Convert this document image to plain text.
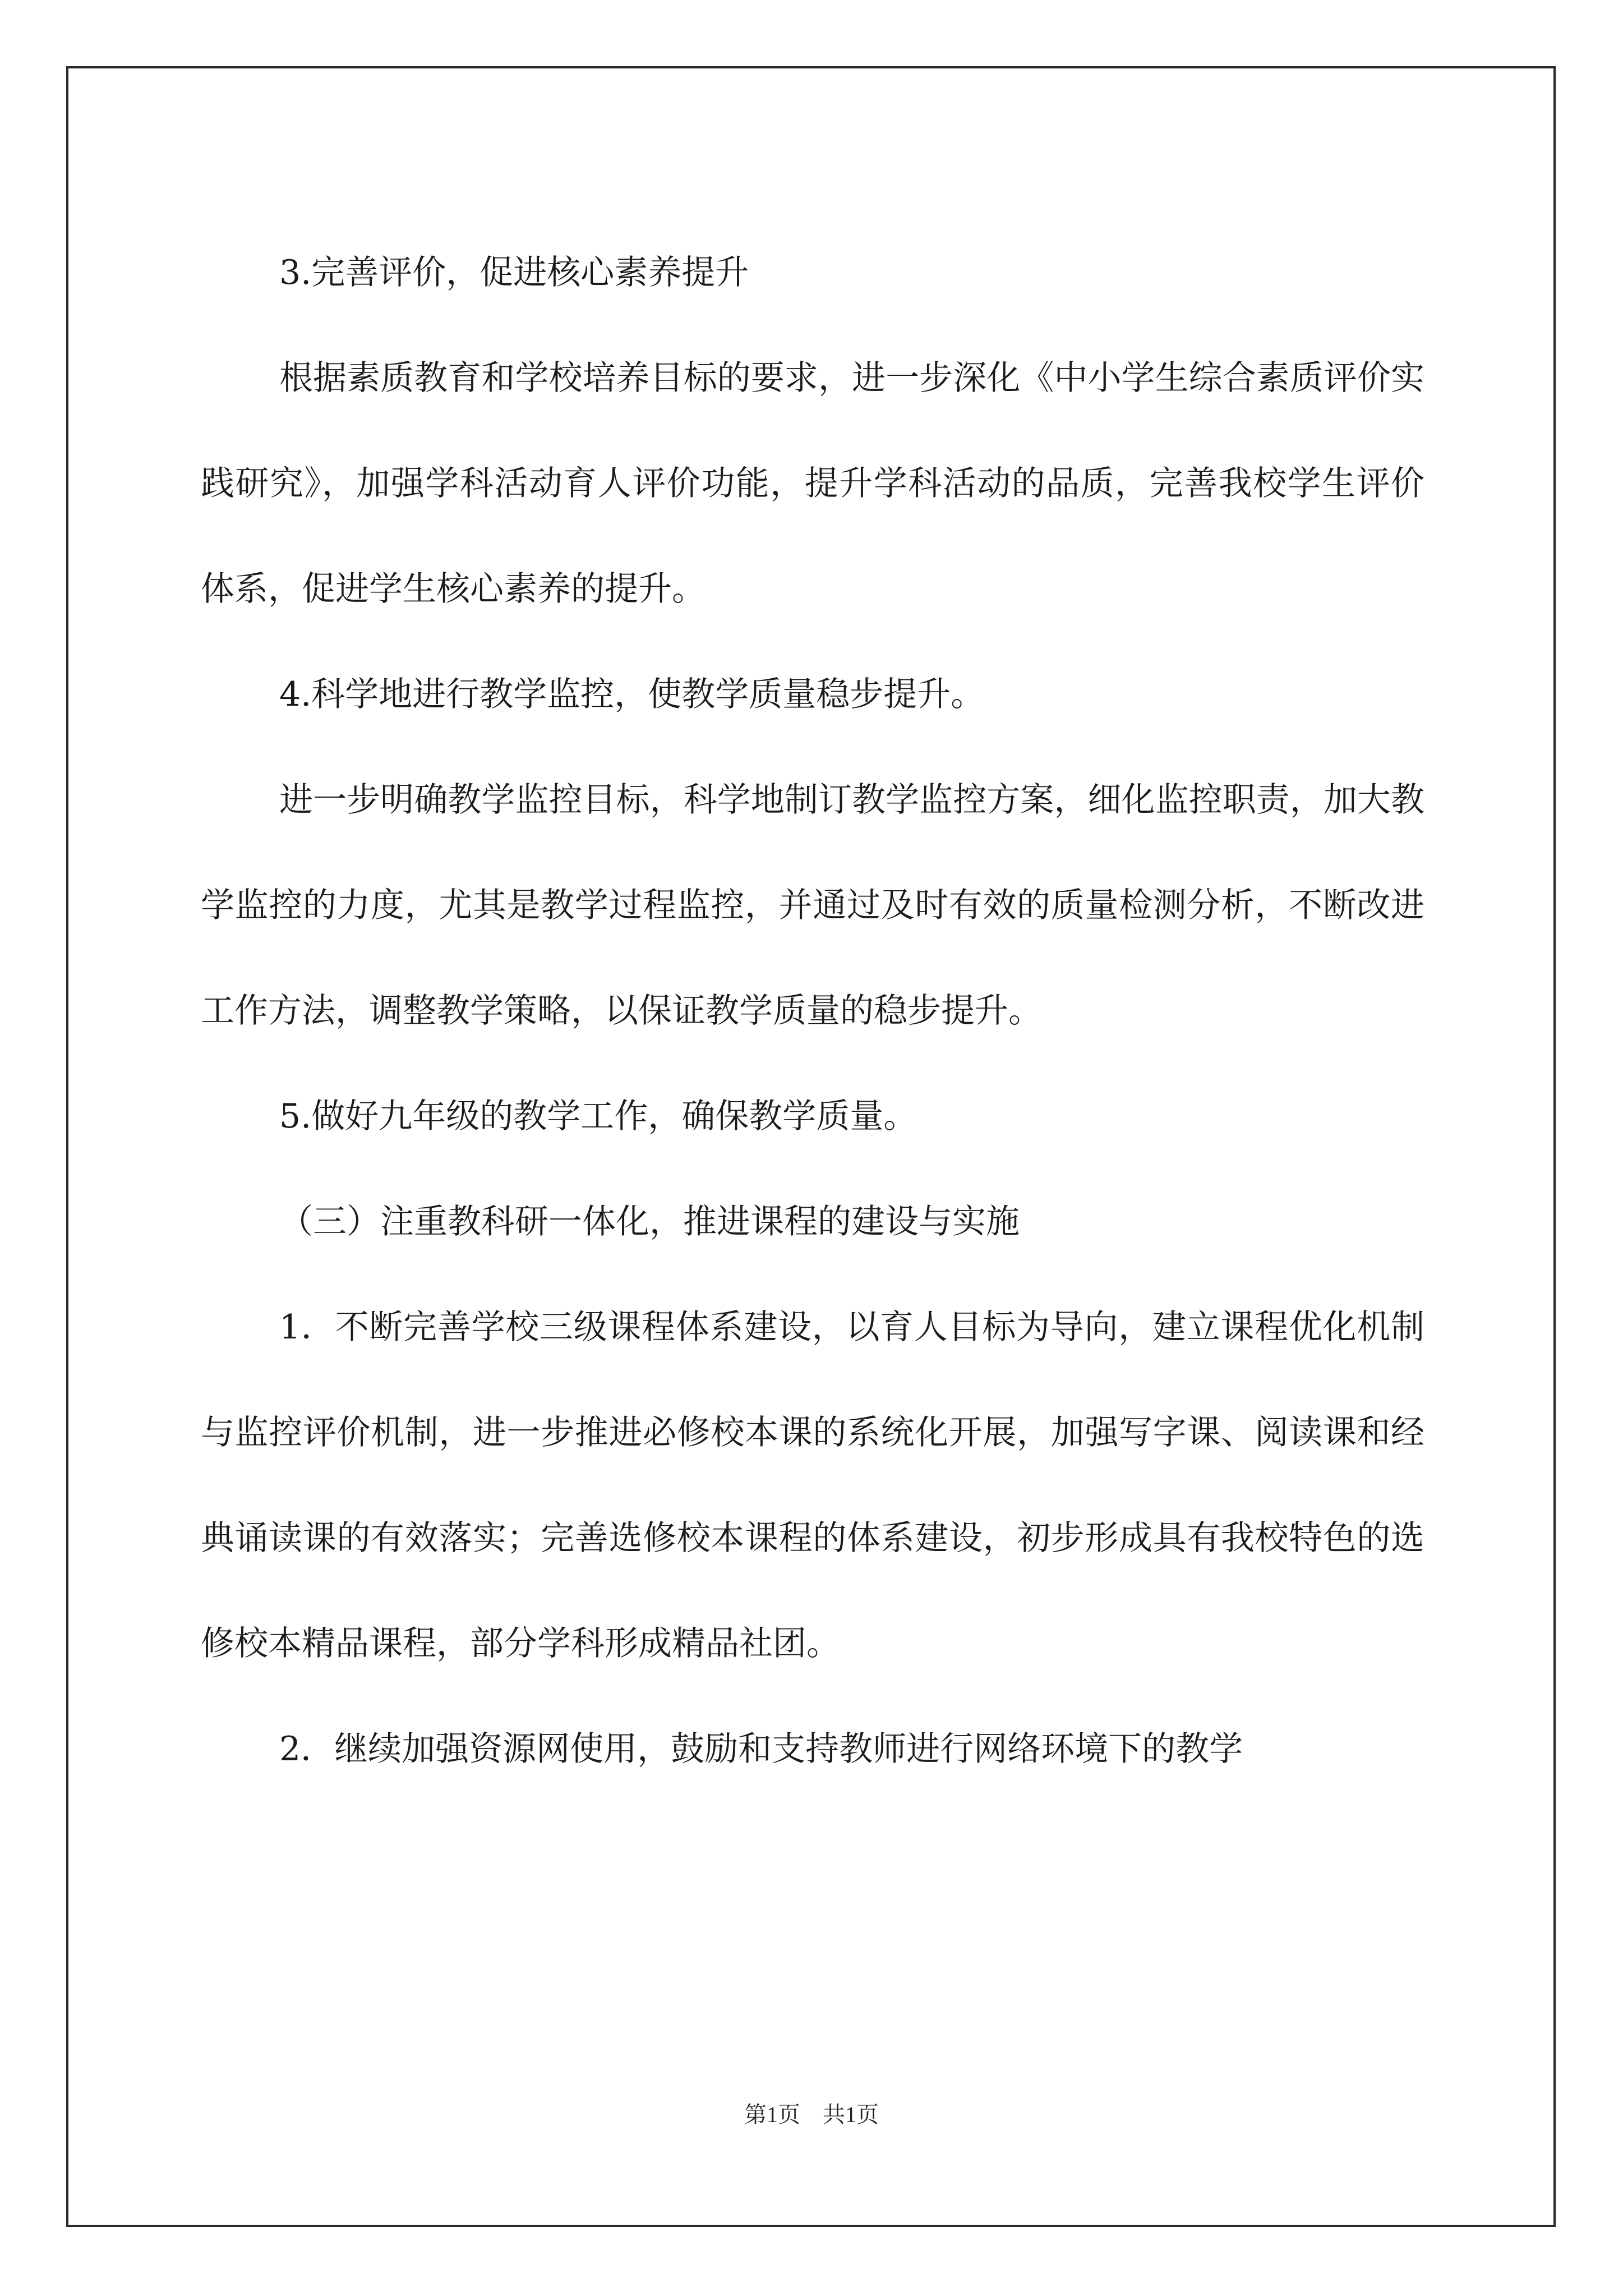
3.完善评价，促进核心素养提升

根据素质教育和学校培养目标的要求，进一步深化《中小学生综合素质评价实践研究》，加强学科活动育人评价功能，提升学科活动的品质，完善我校学生评价体系，促进学生核心素养的提升。

4.科学地进行教学监控，使教学质量稳步提升。

进一步明确教学监控目标，科学地制订教学监控方案，细化监控职责，加大教学监控的力度，尤其是教学过程监控，并通过及时有效的质量检测分析，不断改进工作方法，调整教学策略，以保证教学质量的稳步提升。

5.做好九年级的教学工作，确保教学质量。

（三）注重教科研一体化，推进课程的建设与实施

1．不断完善学校三级课程体系建设，以育人目标为导向，建立课程优化机制与监控评价机制，进一步推进必修校本课的系统化开展，加强写字课、阅读课和经典诵读课的有效落实；完善选修校本课程的体系建设，初步形成具有我校特色的选修校本精品课程，部分学科形成精品社团。

2．继续加强资源网使用，鼓励和支持教师进行网络环境下的教学

第1页 共1页
